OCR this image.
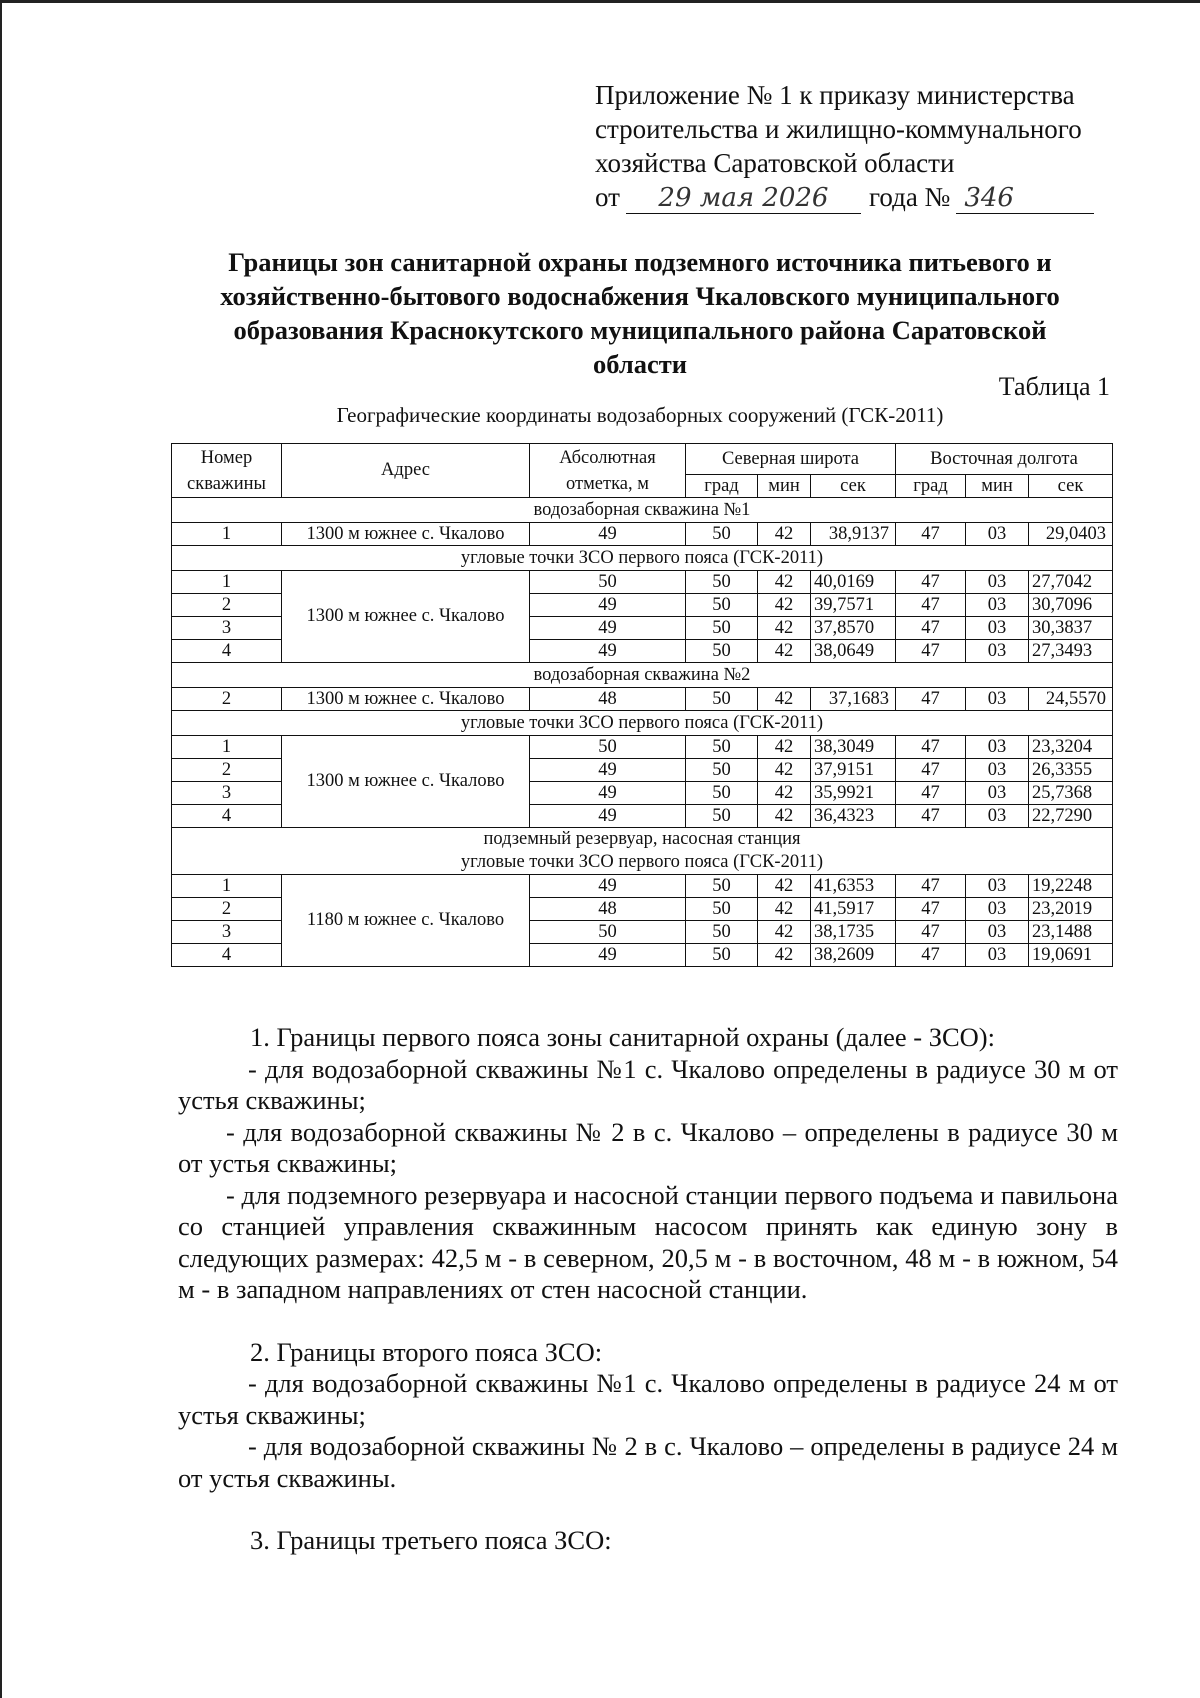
Приложение № 1 к приказу министерства
строительства и жилищно-коммунального
хозяйства Саратовской области
от	29 мая 2026	года № 346
Границы зон санитарной охраны подземного источника питьевого и
хозяйственно-бытового водоснабжения Чкаловского муниципального
образования Краснокутского муниципального района Саратовской
области
Таблица 1
Географические координаты водозаборных сооружений (ГСК-2011)
Номер скважины	Адрес	Абсолютная отметка, м	Северная широта			Восточная долгота		
			град	мин	сек	град	мин	сек
водозаборная скважина №1								
1	1300 м южнее с. Чкалово	49	50	42	38,9137	47	03	29,0403
угловые точки ЗСО первого пояса (ГСК-2011)								
1	1300 м южнее с. Чкалово	50	50	42	40,0169	47	03	27,7042
2		49	50	42	39,7571	47	03	30,7096
3		49	50	42	37,8570	47	03	30,3837
4		49	50	42	38,0649	47	03	27,3493
водозаборная скважина №2								
2	1300 м южнее с. Чкалово	48	50	42	37,1683	47	03	24,5570
угловые точки ЗСО первого пояса (ГСК-2011)								
1	1300 м южнее с. Чкалово	50	50	42	38,3049	47	03	23,3204
2		49	50	42	37,9151	47	03	26,3355
3		49	50	42	35,9921	47	03	25,7368
4		49	50	42	36,4323	47	03	22,7290

подземный резервуар, насосная станция
угловые точки ЗСО первого пояса (ГСК-2011)								

1	1180 м южнее с. Чкалово	49	50	42	41,6353	47	03	19,2248
2		48	50	42	41,5917	47	03	23,2019
3		50	50	42	38,1735	47	03	23,1488
4		49	50	42	38,2609	47	03	19,0691

1. Границы первого пояса зоны санитарной охраны (далее - ЗСО):

- для водозаборной скважины №1 с. Чкалово определены в радиусе 30 м от устья скважины;

- для водозаборной скважины № 2 в с. Чкалово – определены в радиусе 30 м от устья скважины;

- для подземного резервуара и насосной станции первого подъема и павильона со станцией управления скважинным насосом принять как единую зону в следующих размерах: 42,5 м - в северном, 20,5 м - в восточном, 48 м - в южном, 54 м - в западном направлениях от стен насосной станции.

2. Границы второго пояса ЗСО:

- для водозаборной скважины №1 с. Чкалово определены в радиусе 24 м от устья скважины;

- для водозаборной скважины № 2 в с. Чкалово – определены в радиусе 24 м от устья скважины.

3. Границы третьего пояса ЗСО:
